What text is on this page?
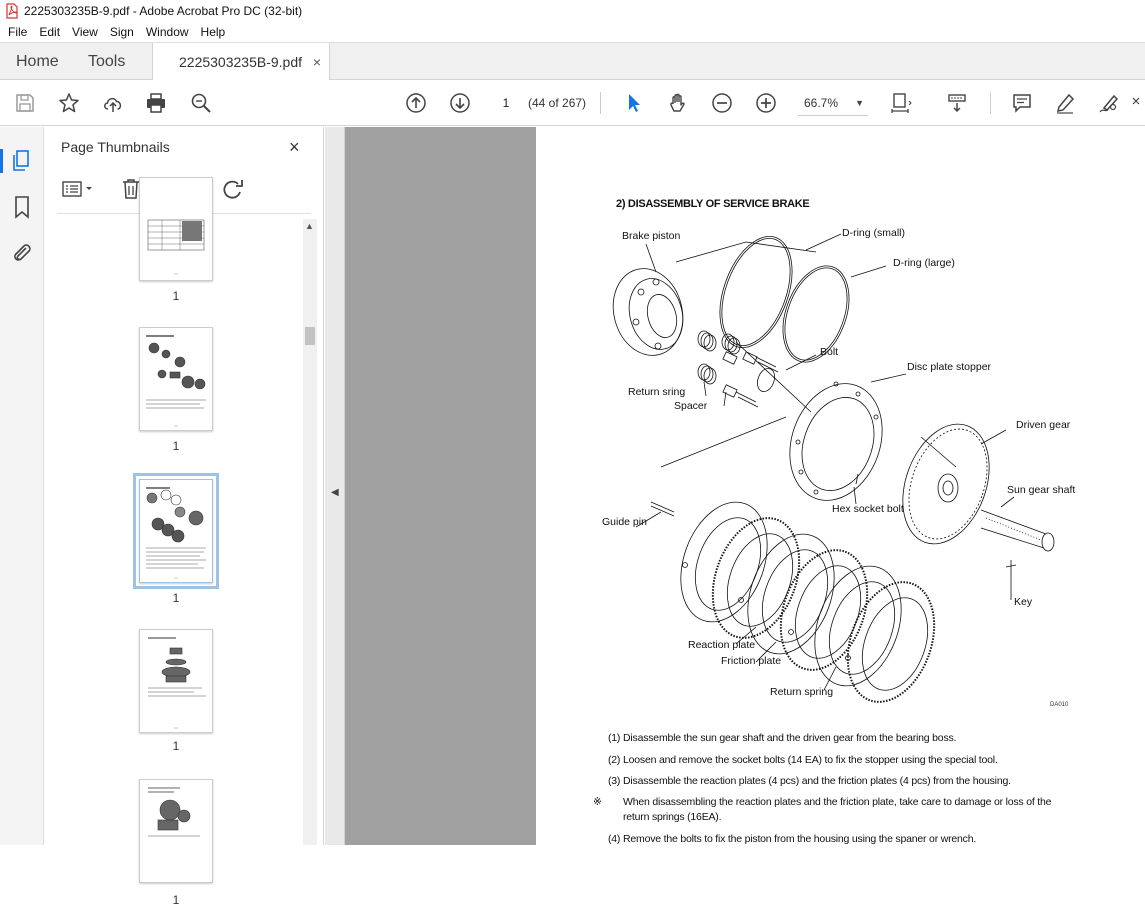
2225303235B-9.pdf - Adobe Acrobat Pro DC (32-bit)
File Edit View Sign Window Help
Home Tools	2225303235B-9.pdf ×
1	(44 of 267)	66.7% ▼
Page Thumbnails	×
1
1
1
1
1
▲
◀
2) DISASSEMBLY OF SERVICE BRAKE
Brake piston	D-ring (small)
D-ring (large)
Bolt
Disc plate stopper
Return sring
Spacer
Driven gear
Sun gear shaft
Hex socket bolt
Guide pin
Key
Reaction plate
Friction plate
Return spring
DA010
(1) Disassemble the sun gear shaft and the driven gear from the bearing boss.
(2) Loosen and remove the socket bolts (14 EA) to fix the stopper using the special tool.
(3) Disassemble the reaction plates (4 pcs) and the friction plates (4 pcs) from the housing.
※ When disassembling the reaction plates and the friction plate, take care to damage or loss of the return springs (16EA).
(4) Remove the bolts to fix the piston from the housing using the spaner or wrench.
